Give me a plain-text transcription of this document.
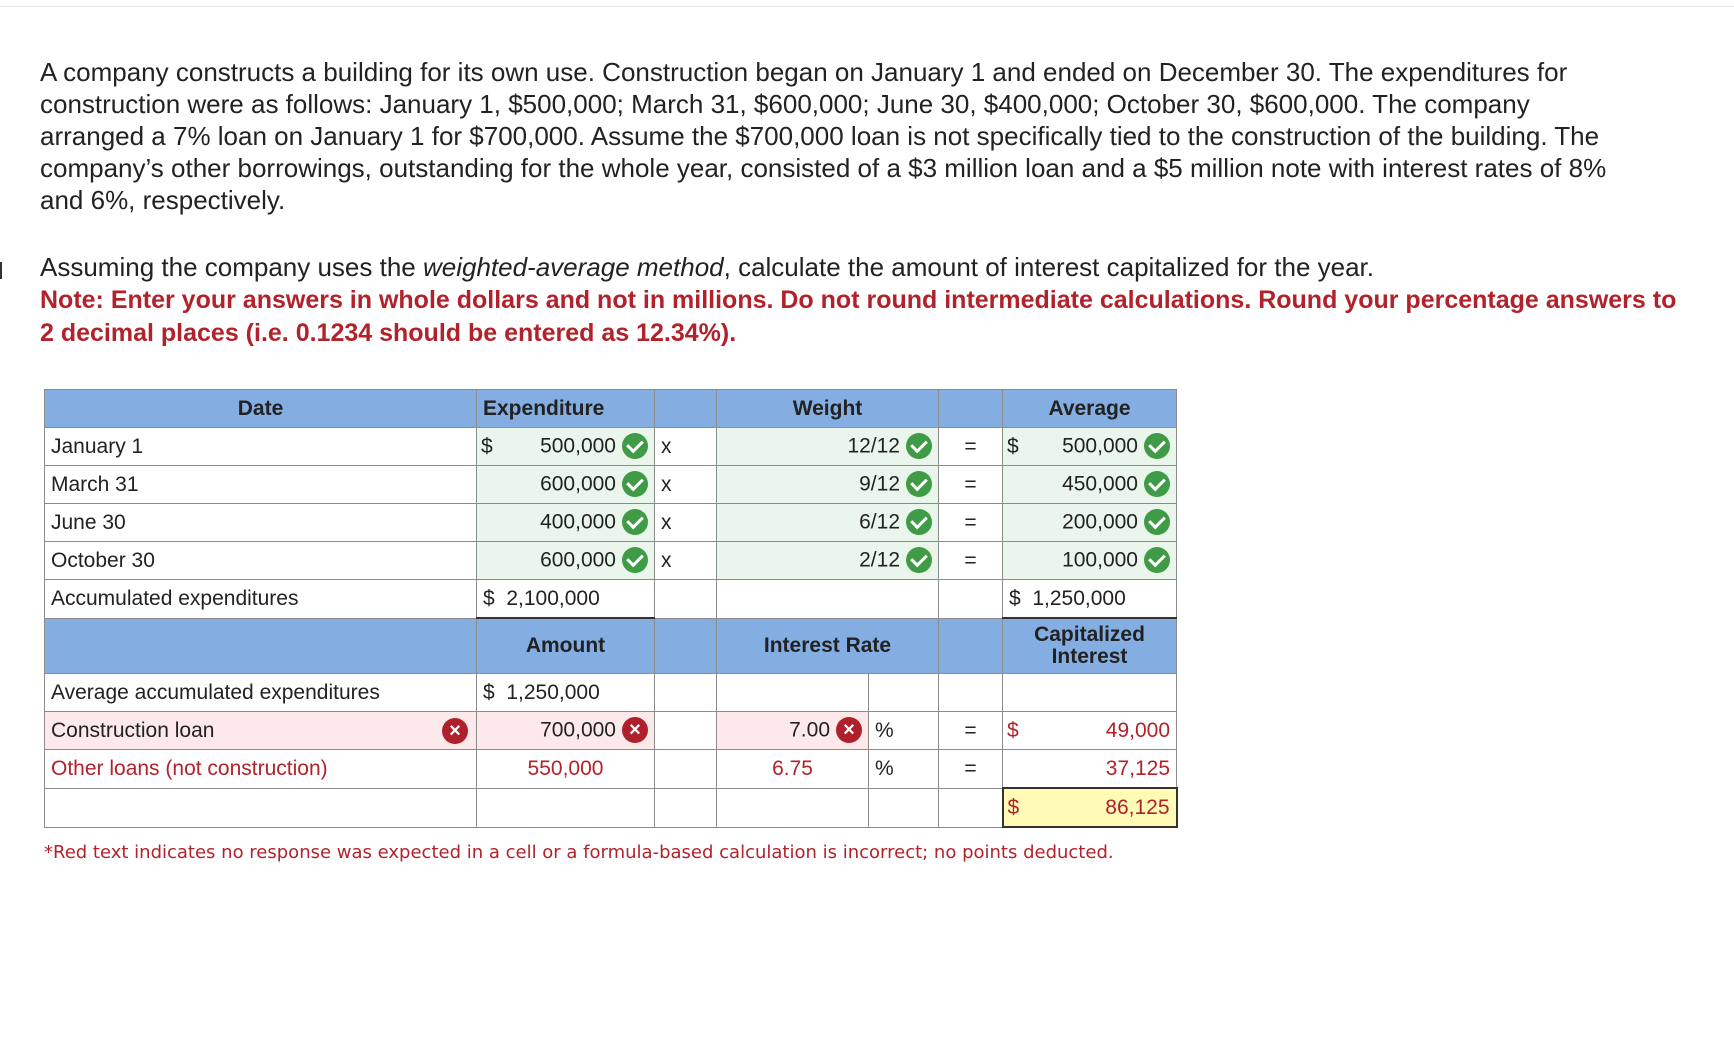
A company constructs a building for its own use. Construction began on January 1 and ended on December 30. The expenditures for construction were as follows: January 1, $500,000; March 31, $600,000; June 30, $400,000; October 30, $600,000. The company arranged a 7% loan on January 1 for $700,000. Assume the $700,000 loan is not specifically tied to the construction of the building. The company’s other borrowings, outstanding for the whole year, consisted of a $3 million loan and a $5 million note with interest rates of 8% and 6%, respectively.
Assuming the company uses the weighted-average method, calculate the amount of interest capitalized for the year.
Note: Enter your answers in whole dollars and not in millions. Do not round intermediate calculations. Round your percentage answers to 2 decimal places (i.e. 0.1234 should be entered as 12.34%).
Date	Expenditure		Weight			Average
January 1	$ 500,000	x	12/12		=	$ 500,000
March 31	600,000	x	9/12		=	450,000
June 30	400,000	x	6/12		=	200,000
October 30	600,000	x	2/12		=	100,000
Accumulated expenditures	$ 2,100,000					$ 1,250,000
	Amount		Interest Rate			Capitalized
Interest
Average accumulated expenditures	$ 1,250,000					
Construction loan ×	700,000 ×		7.00 ×	%	=	$ 49,000
Other loans (not construction)	550,000		6.75	%	=	37,125

						$ 86,125
*Red text indicates no response was expected in a cell or a formula-based calculation is incorrect; no points deducted.
